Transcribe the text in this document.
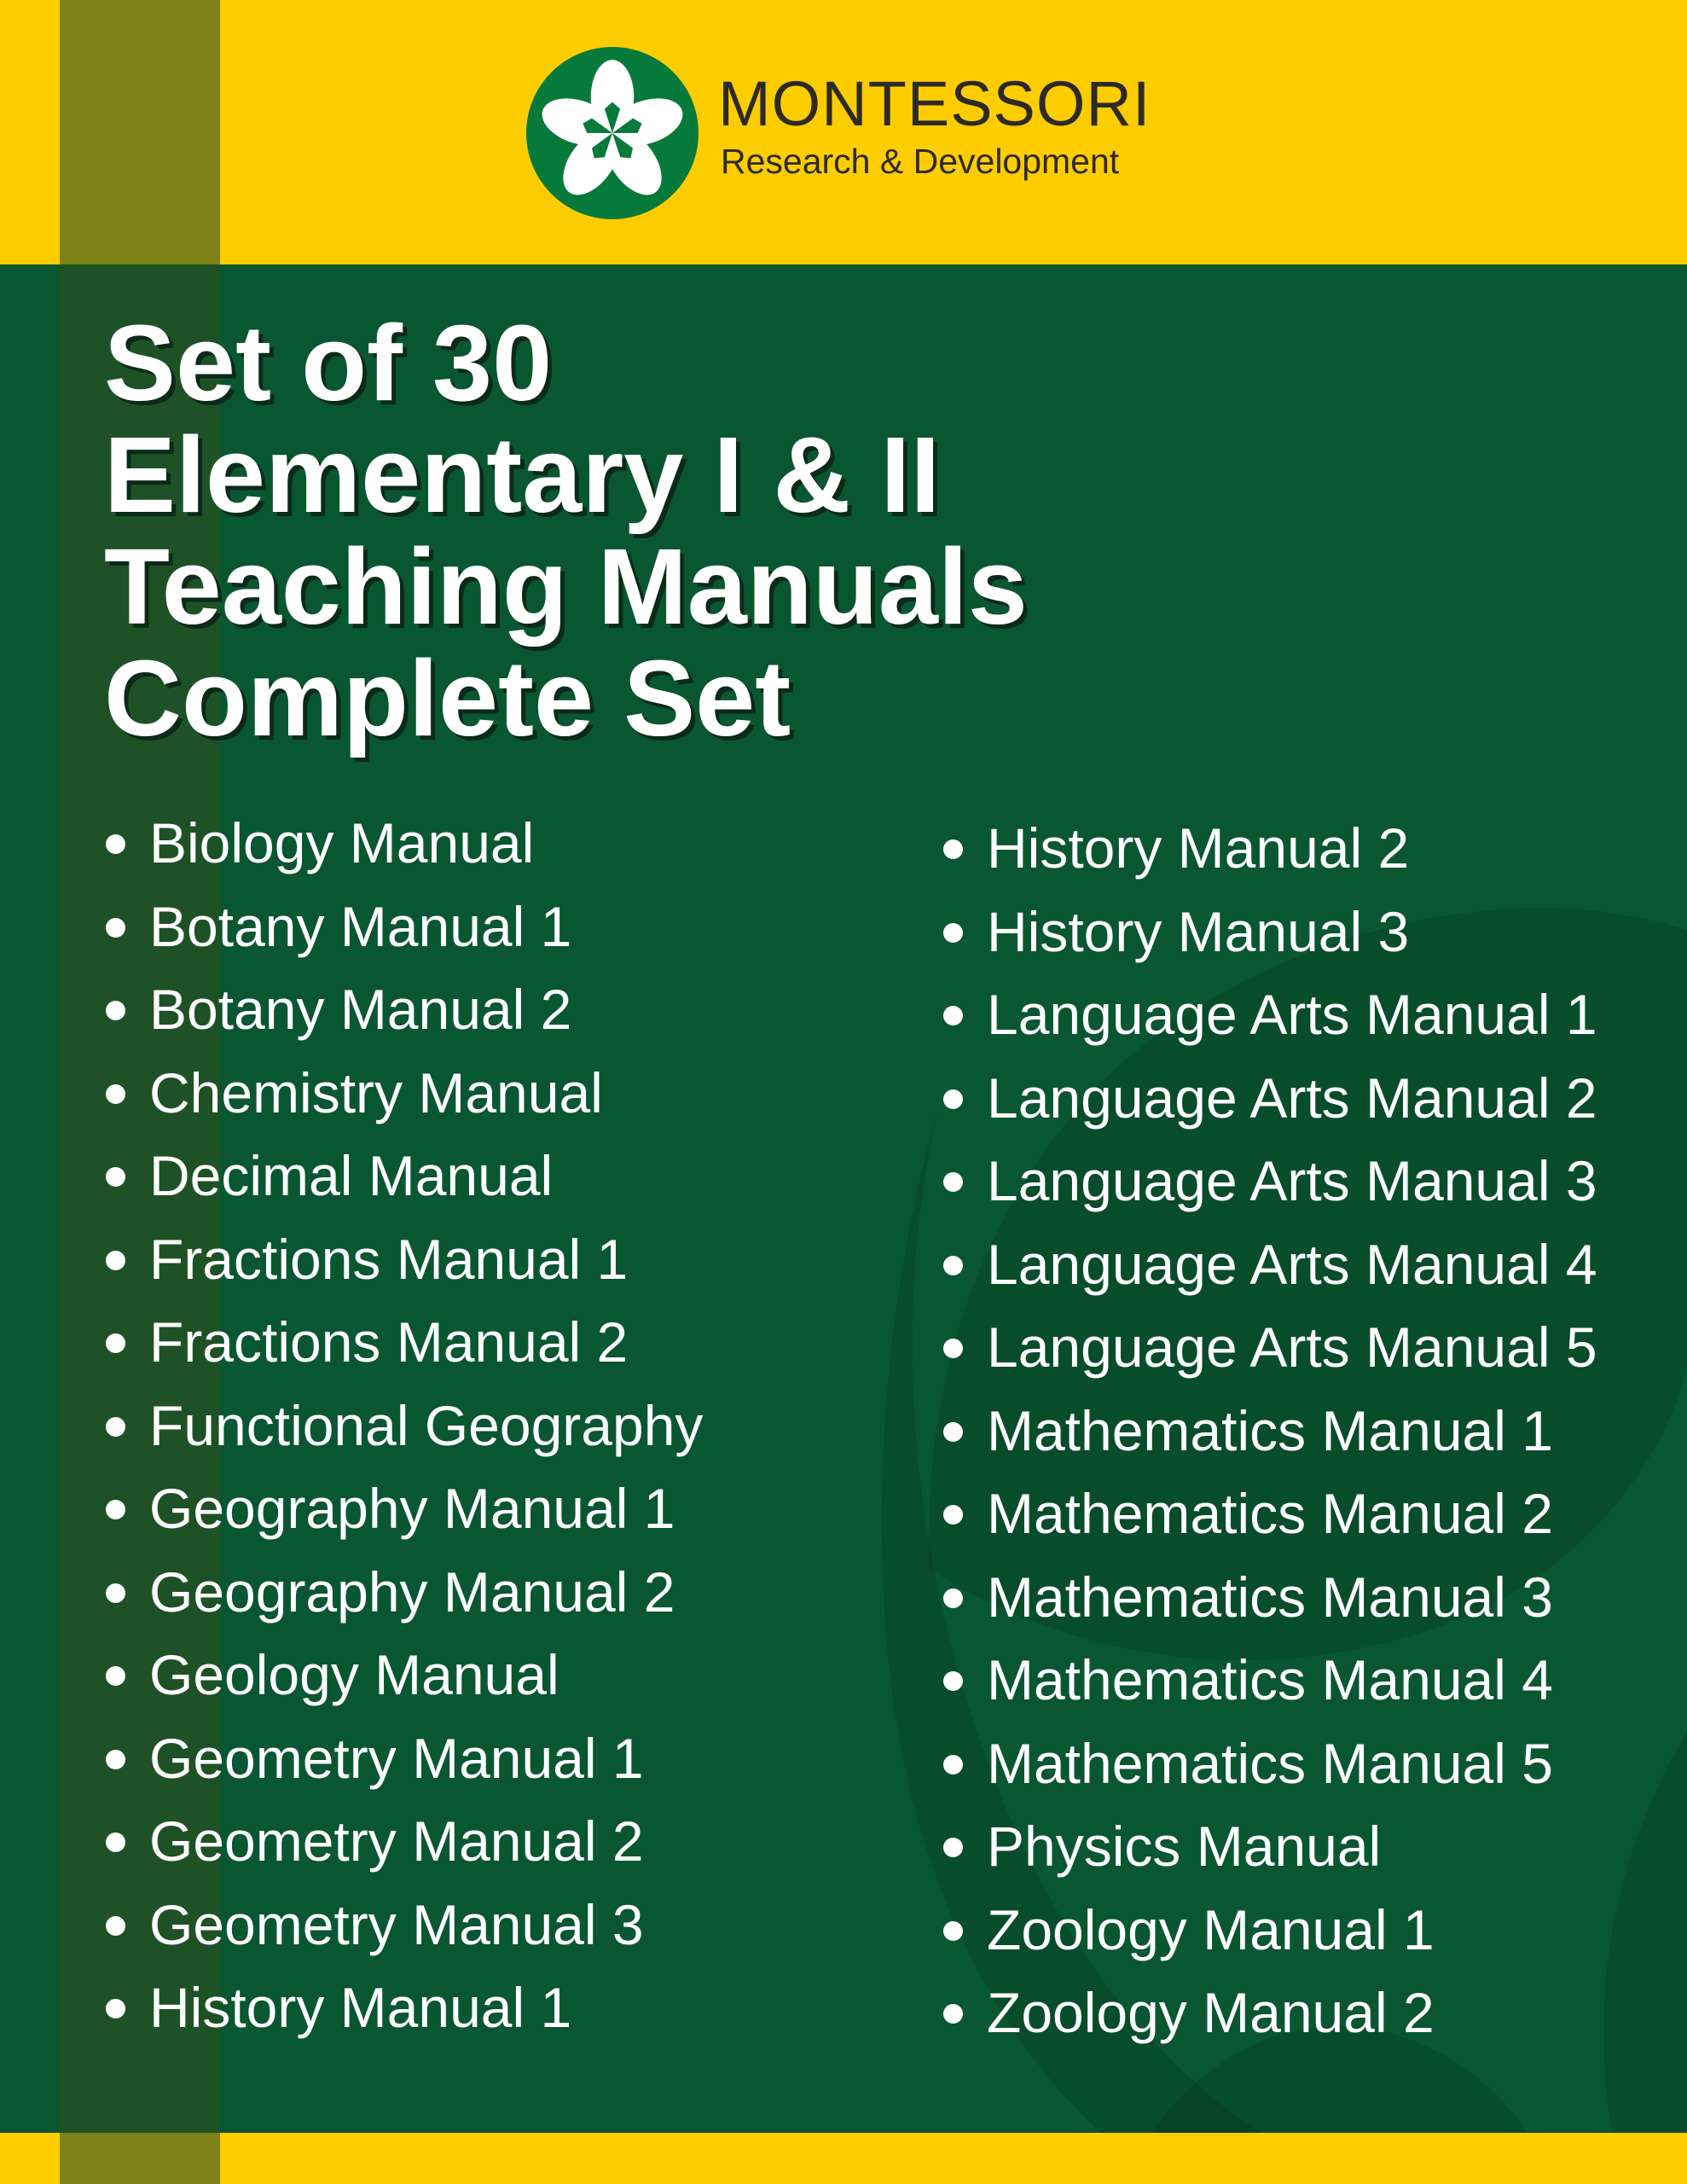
MONTESSORI
Research & Development
Set of 30
Elementary I & II
Teaching Manuals
Complete Set
Biology Manual
Botany Manual 1
Botany Manual 2
Chemistry Manual
Decimal Manual
Fractions Manual 1
Fractions Manual 2
Functional Geography
Geography Manual 1
Geography Manual 2
Geology Manual
Geometry Manual 1
Geometry Manual 2
Geometry Manual 3
History Manual 1
History Manual 2
History Manual 3
Language Arts Manual 1
Language Arts Manual 2
Language Arts Manual 3
Language Arts Manual 4
Language Arts Manual 5
Mathematics Manual 1
Mathematics Manual 2
Mathematics Manual 3
Mathematics Manual 4
Mathematics Manual 5
Physics Manual
Zoology Manual 1
Zoology Manual 2
